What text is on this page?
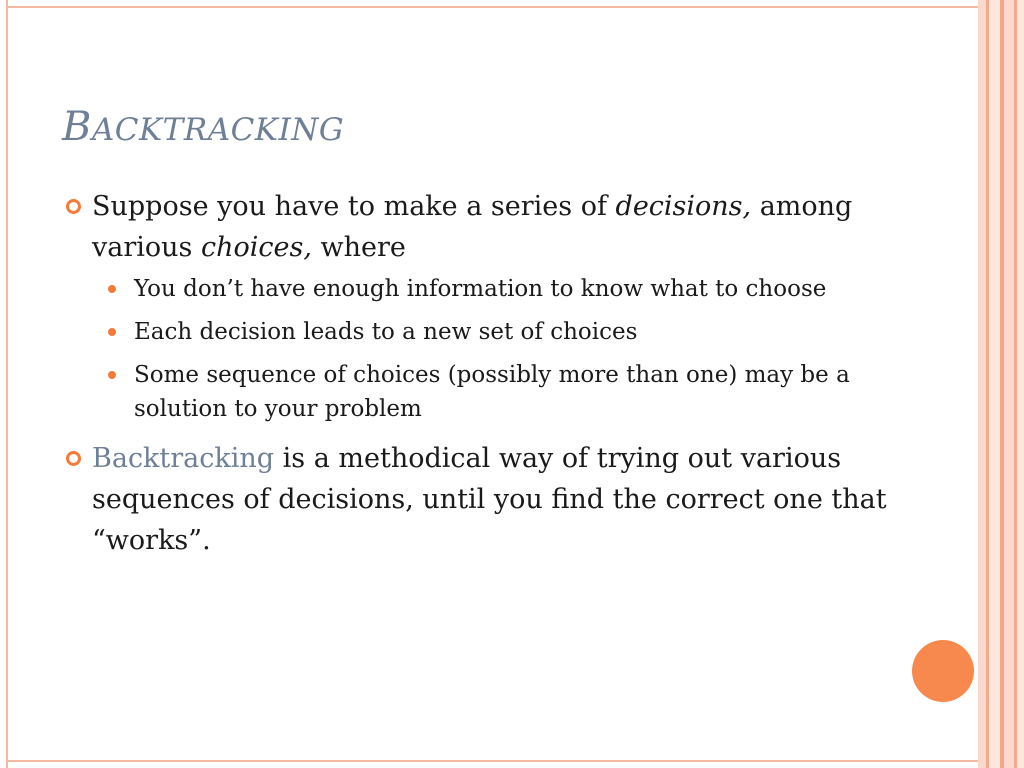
BACKTRACKING
Suppose you have to make a series of decisions, among various choices, where
You don’t have enough information to know what to choose
Each decision leads to a new set of choices
Some sequence of choices (possibly more than one) may be a solution to your problem
Backtracking is a methodical way of trying out various sequences of decisions, until you find the correct one that “works”.
